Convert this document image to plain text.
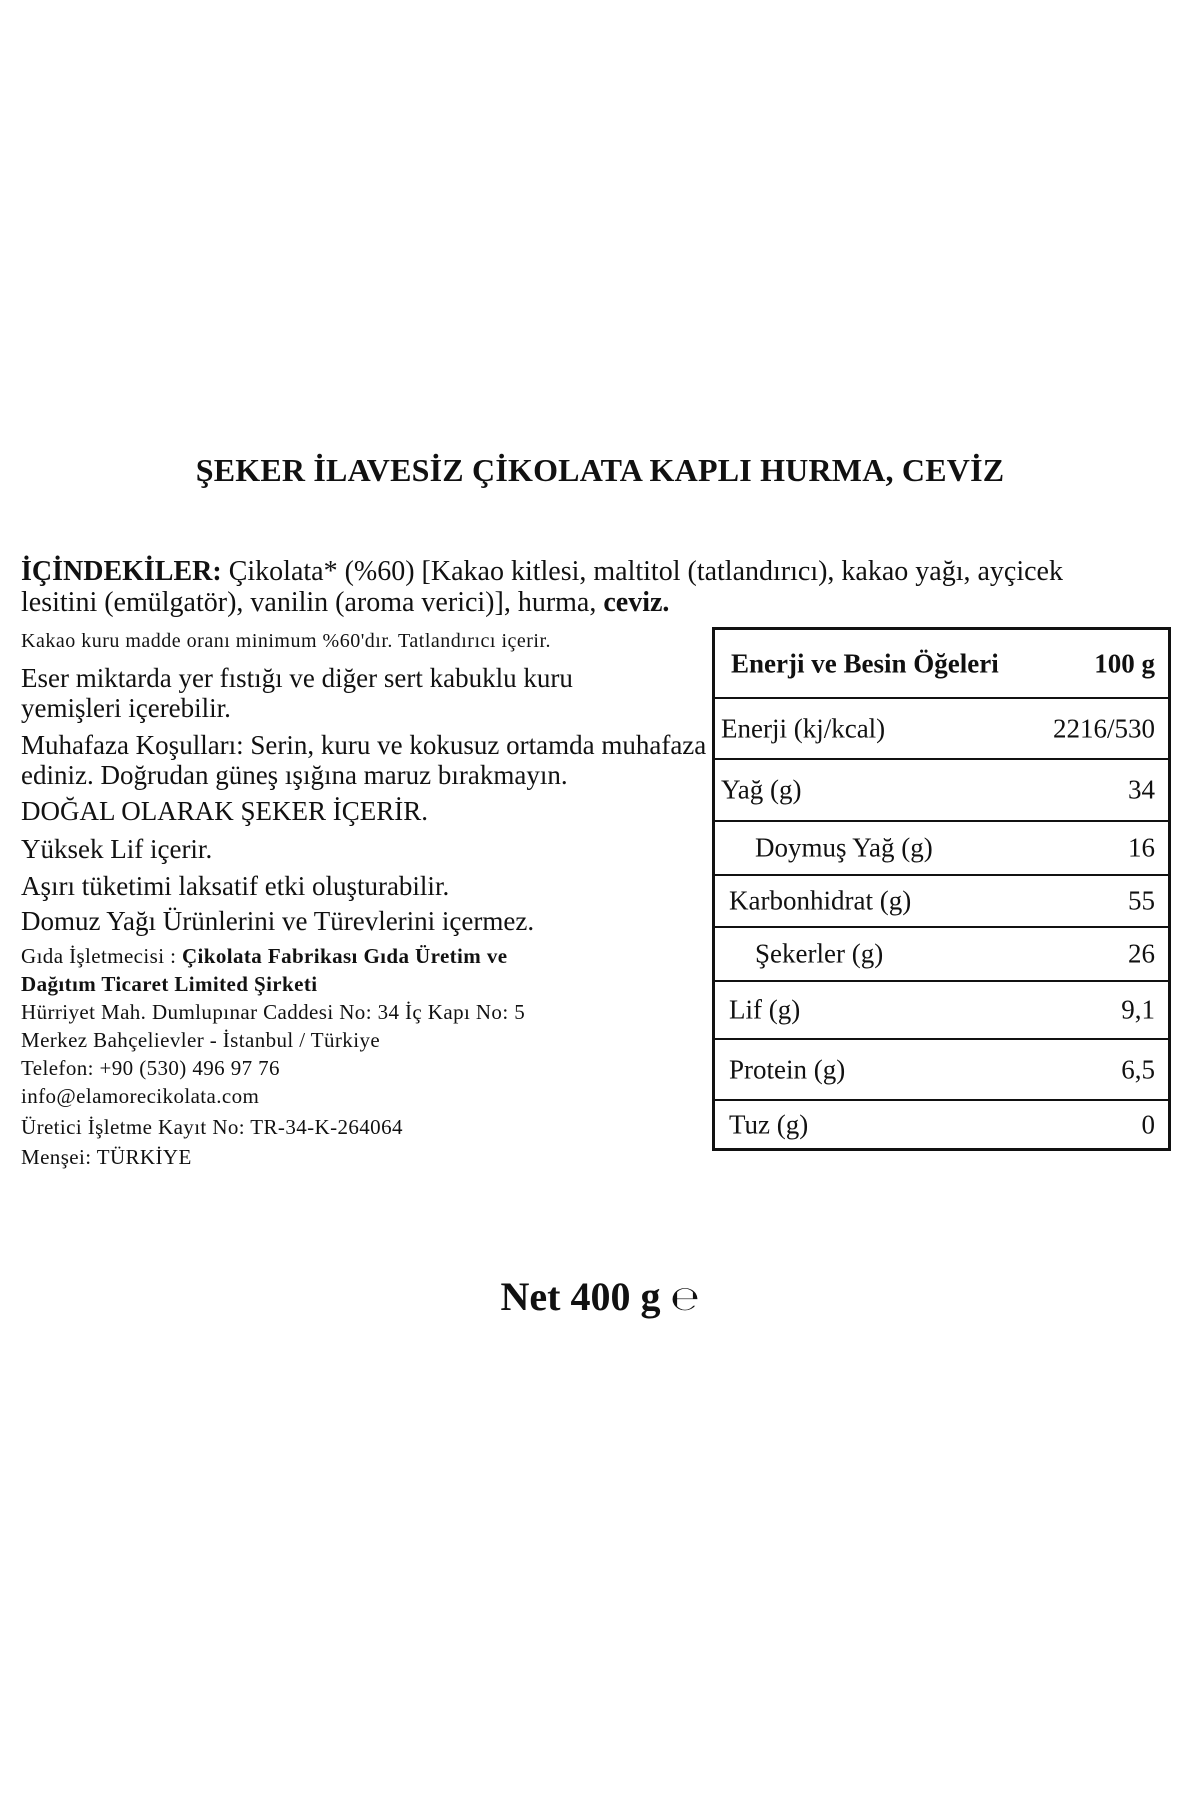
ŞEKER İLAVESİZ ÇİKOLATA KAPLI HURMA, CEVİZ
İÇİNDEKİLER: Çikolata* (%60) [Kakao kitlesi, maltitol (tatlandırıcı), kakao yağı, ayçicek lesitini (emülgatör), vanilin (aroma verici)], hurma, ceviz.
Kakao kuru madde oranı minimum %60'dır. Tatlandırıcı içerir.
Eser miktarda yer fıstığı ve diğer sert kabuklu kuru yemişleri içerebilir.
Muhafaza Koşulları: Serin, kuru ve kokusuz ortamda muhafaza ediniz. Doğrudan güneş ışığına maruz bırakmayın.
DOĞAL OLARAK ŞEKER İÇERİR.
Yüksek Lif içerir.
Aşırı tüketimi laksatif etki oluşturabilir.
Domuz Yağı Ürünlerini ve Türevlerini içermez.
Gıda İşletmecisi : Çikolata Fabrikası Gıda Üretim ve
Dağıtım Ticaret Limited Şirketi
Hürriyet Mah. Dumlupınar Caddesi No: 34 İç Kapı No: 5
Merkez Bahçelievler - İstanbul / Türkiye
Telefon: +90 (530) 496 97 76
info@elamorecikolata.com
Üretici İşletme Kayıt No: TR-34-K-264064
Menşei: TÜRKİYE
Enerji ve Besin Öğeleri	100 g
Enerji (kj/kcal)	2216/530
Yağ (g)	34
Doymuş Yağ (g)	16
Karbonhidrat (g)	55
Şekerler (g)	26
Lif (g)	9,1
Protein (g)	6,5
Tuz (g)	0
Net 400 g ℮
